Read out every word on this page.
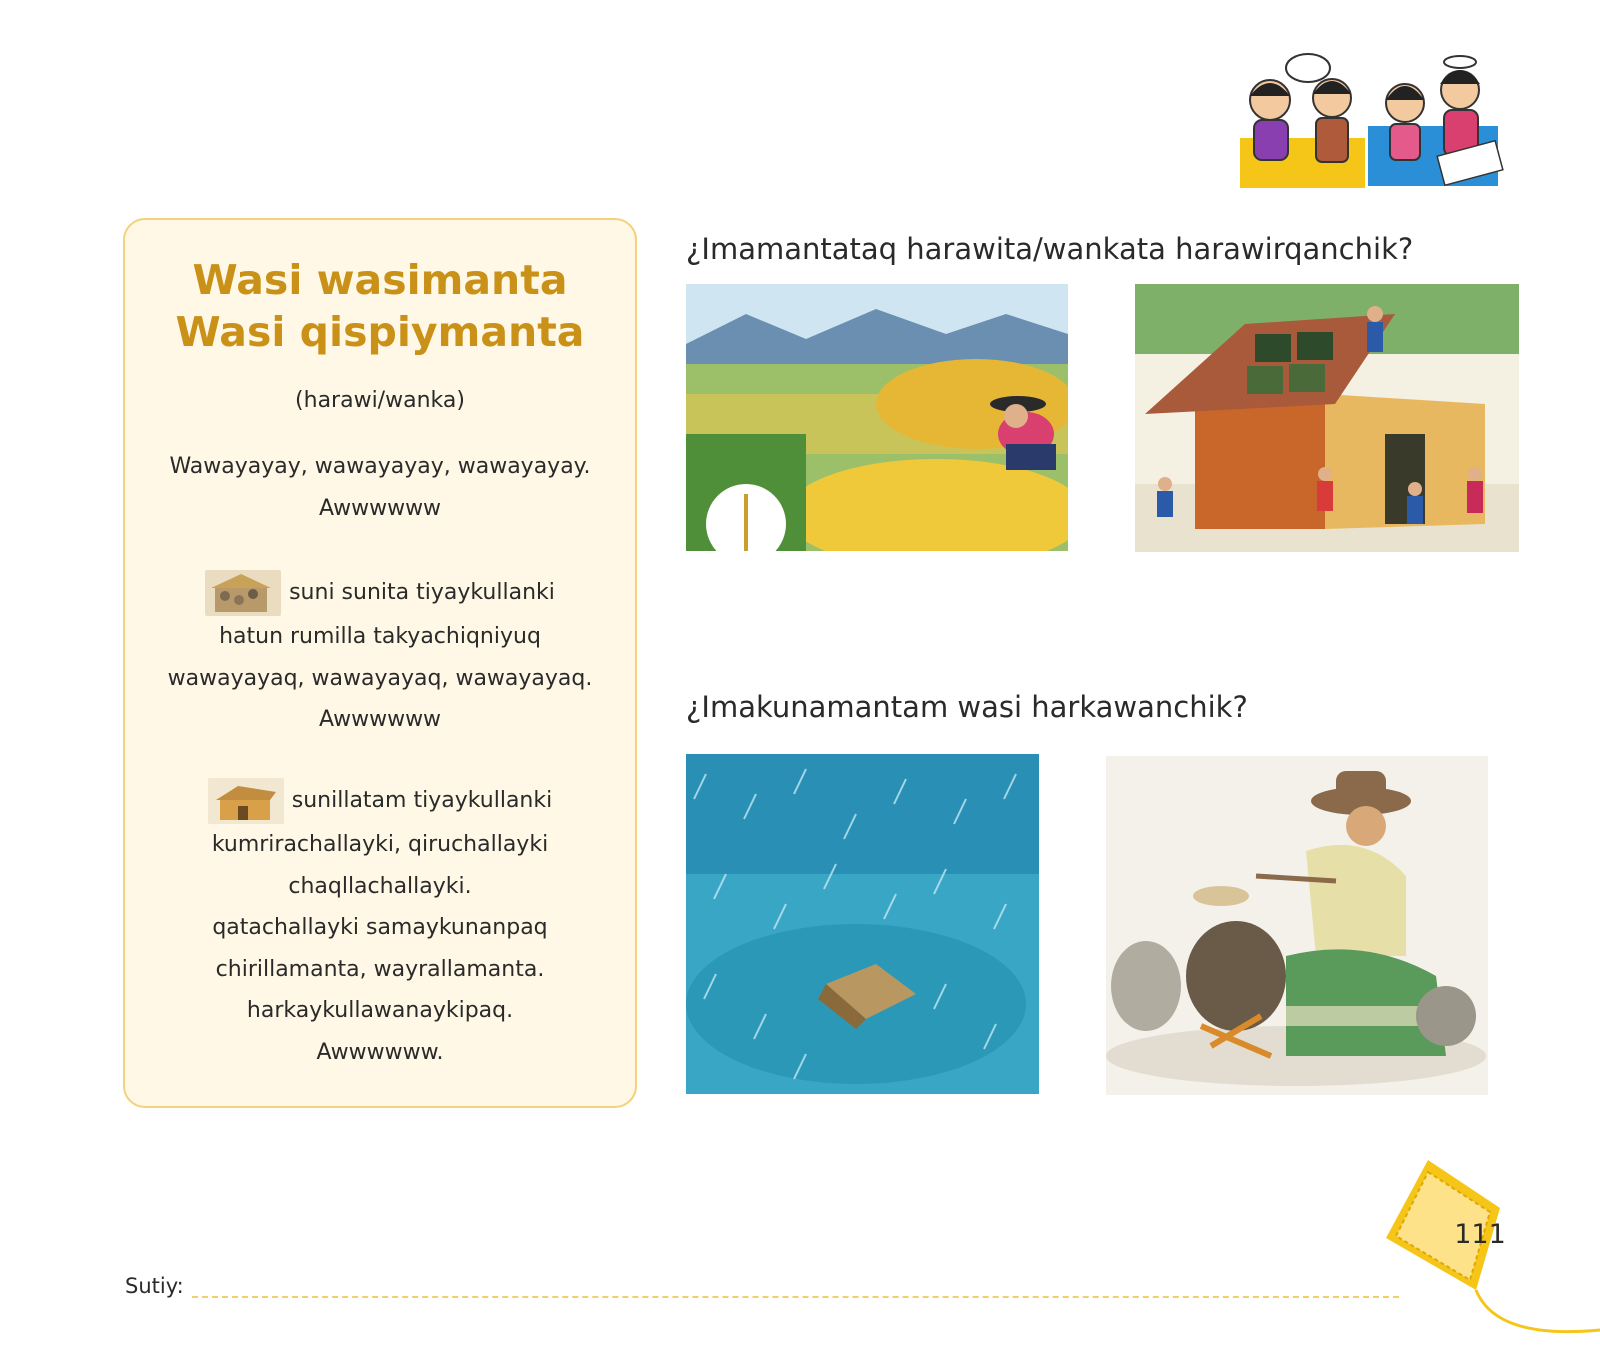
Wasi wasimanta
Wasi qispiymanta
(harawi/wanka)
Wawayayay, wawayayay, wawayayay.
Awwwwww
suni sunita tiyaykullanki
hatun rumilla takyachiqniyuq
wawayayaq, wawayayaq, wawayayaq.
Awwwwww
sunillatam tiyaykullanki
kumrirachallayki, qiruchallayki
chaqllachallayki.
qatachallayki samaykunanpaq
chirillamanta, wayrallamanta.
harkaykullawanaykipaq.
Awwwwww.
¿Imamantataq harawita/wankata harawirqanchik?
¿Imakunamantam wasi harkawanchik?
Sutiy:
111
